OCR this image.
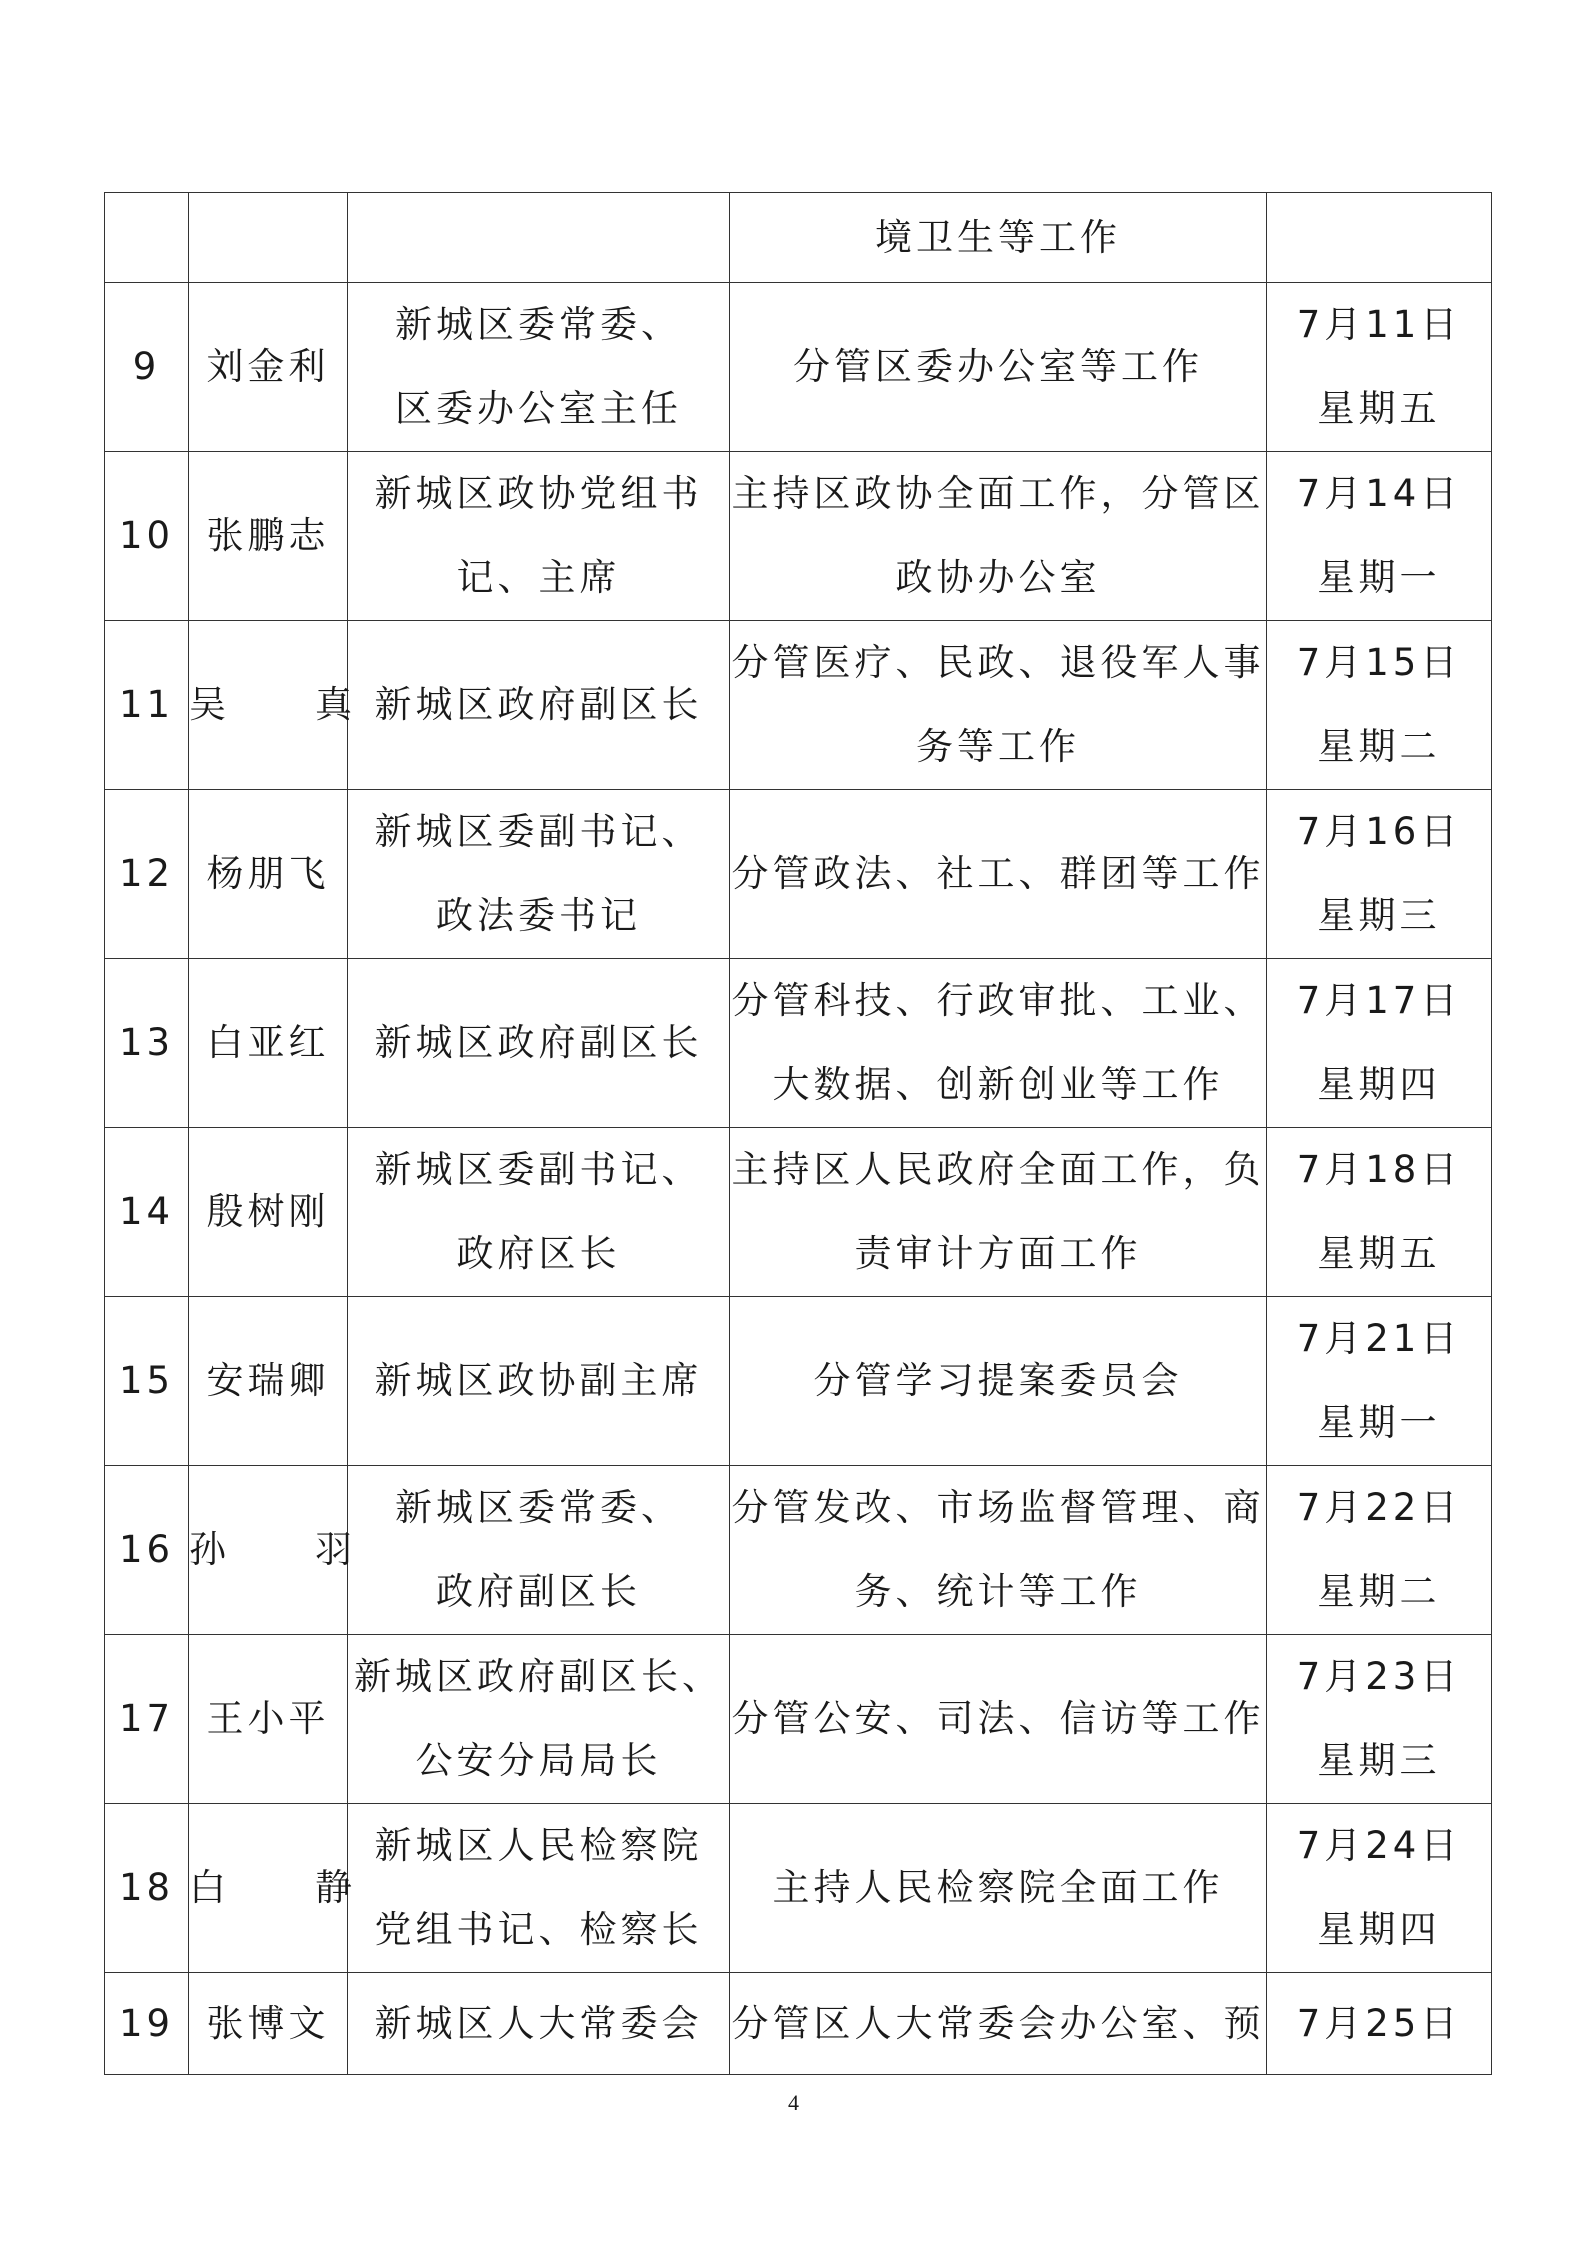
			境卫生等工作	

9	刘金利	新城区委常委、
区委办公室主任	分管区委办公室等工作	7月11日
星期五

10	张鹏志	新城区政协党组书
记、主席	主持区政协全面工作，分管区
政协办公室	7月14日
星期一

11	吴　真	新城区政府副区长	分管医疗、民政、退役军人事
务等工作	7月15日
星期二

12	杨朋飞	新城区委副书记、
政法委书记	分管政法、社工、群团等工作	7月16日
星期三

13	白亚红	新城区政府副区长	分管科技、行政审批、工业、
大数据、创新创业等工作	7月17日
星期四

14	殷树刚	新城区委副书记、
政府区长	主持区人民政府全面工作，负
责审计方面工作	7月18日
星期五

15	安瑞卿	新城区政协副主席	分管学习提案委员会	7月21日
星期一

16	孙　羽	新城区委常委、
政府副区长	分管发改、市场监督管理、商
务、统计等工作	7月22日
星期二

17	王小平	新城区政府副区长、
公安分局局长	分管公安、司法、信访等工作	7月23日
星期三

18	白　静	新城区人民检察院
党组书记、检察长	主持人民检察院全面工作	7月24日
星期四

19	张博文	新城区人大常委会	分管区人大常委会办公室、预	7月25日
4
